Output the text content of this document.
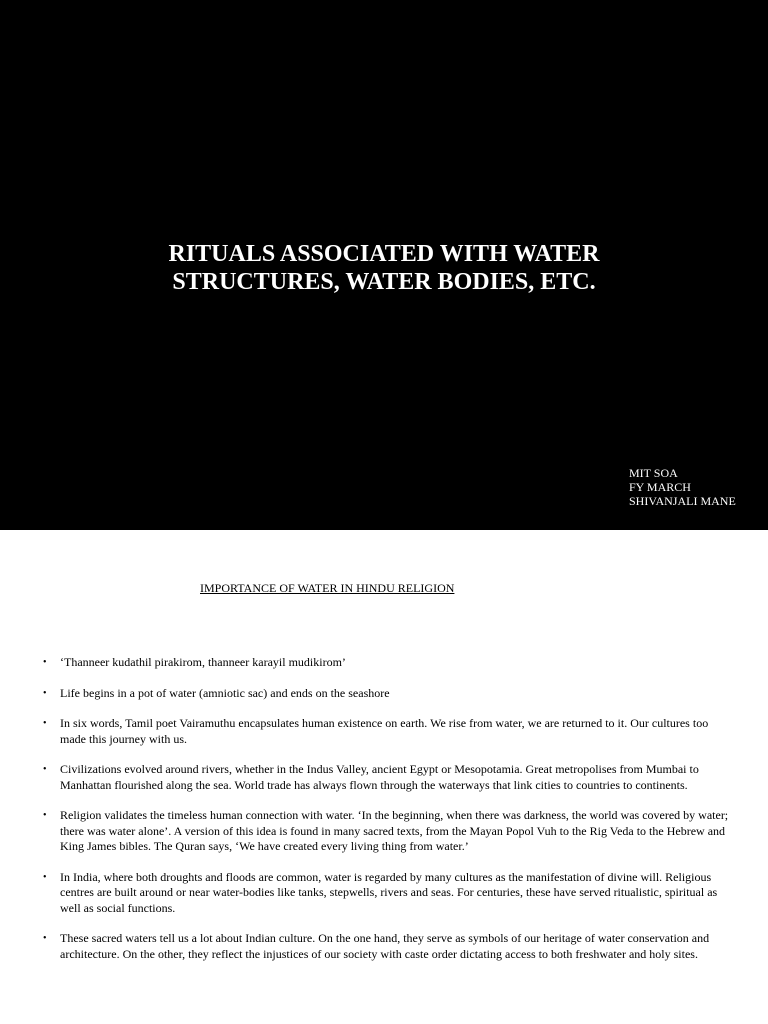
RITUALS ASSOCIATED WITH WATER
STRUCTURES, WATER BODIES, ETC.
MIT SOA
FY MARCH
SHIVANJALI MANE
IMPORTANCE OF WATER IN HINDU RELIGION
• ‘Thanneer kudathil pirakirom, thanneer karayil mudikirom’
• Life begins in a pot of water (amniotic sac) and ends on the seashore
• In six words, Tamil poet Vairamuthu encapsulates human existence on earth. We rise from water, we are returned to it. Our cultures too made this journey with us.
• Civilizations evolved around rivers, whether in the Indus Valley, ancient Egypt or Mesopotamia. Great metropolises from Mumbai to Manhattan flourished along the sea. World trade has always flown through the waterways that link cities to countries to continents.
• Religion validates the timeless human connection with water. ‘In the beginning, when there was darkness, the world was covered by water; there was water alone’. A version of this idea is found in many sacred texts, from the Mayan Popol Vuh to the Rig Veda to the Hebrew and King James bibles. The Quran says, ‘We have created every living thing from water.’
• In India, where both droughts and floods are common, water is regarded by many cultures as the manifestation of divine will. Religious centres are built around or near water-bodies like tanks, stepwells, rivers and seas. For centuries, these have served ritualistic, spiritual as well as social functions.
• These sacred waters tell us a lot about Indian culture. On the one hand, they serve as symbols of our heritage of water conservation and architecture. On the other, they reflect the injustices of our society with caste order dictating access to both freshwater and holy sites.
